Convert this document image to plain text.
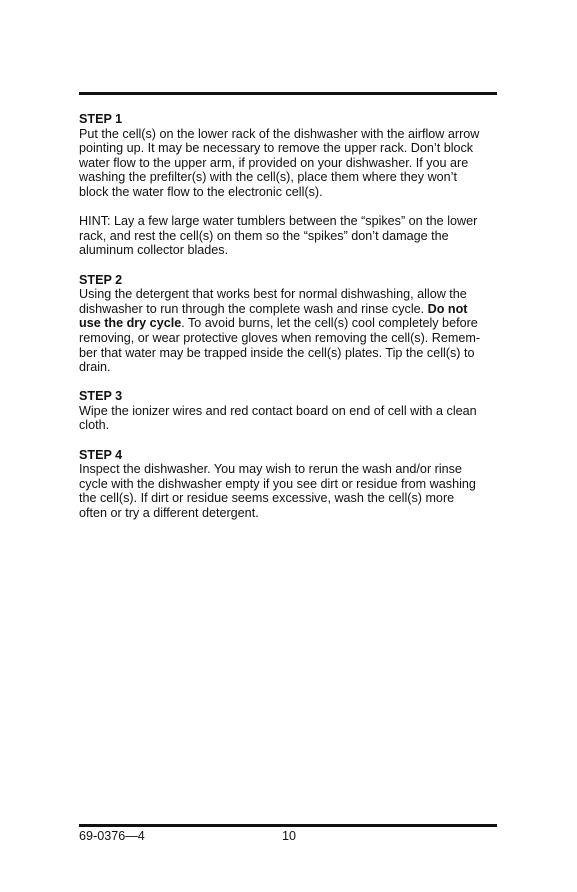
STEP 1

Put the cell(s) on the lower rack of the dishwasher with the airflow arrow
pointing up. It may be necessary to remove the upper rack. Don’t block
water flow to the upper arm, if provided on your dishwasher. If you are
washing the prefilter(s) with the cell(s), place them where they won’t
block the water flow to the electronic cell(s).

HINT: Lay a few large water tumblers between the “spikes” on the lower
rack, and rest the cell(s) on them so the “spikes” don’t damage the
aluminum collector blades.

STEP 2

Using the detergent that works best for normal dishwashing, allow the
dishwasher to run through the complete wash and rinse cycle. Do not
use the dry cycle. To avoid burns, let the cell(s) cool completely before
removing, or wear protective gloves when removing the cell(s). Remem-
ber that water may be trapped inside the cell(s) plates. Tip the cell(s) to
drain.

STEP 3

Wipe the ionizer wires and red contact board on end of cell with a clean
cloth.

STEP 4

Inspect the dishwasher. You may wish to rerun the wash and/or rinse
cycle with the dishwasher empty if you see dirt or residue from washing
the cell(s). If dirt or residue seems excessive, wash the cell(s) more
often or try a different detergent.

69-0376—4	10
